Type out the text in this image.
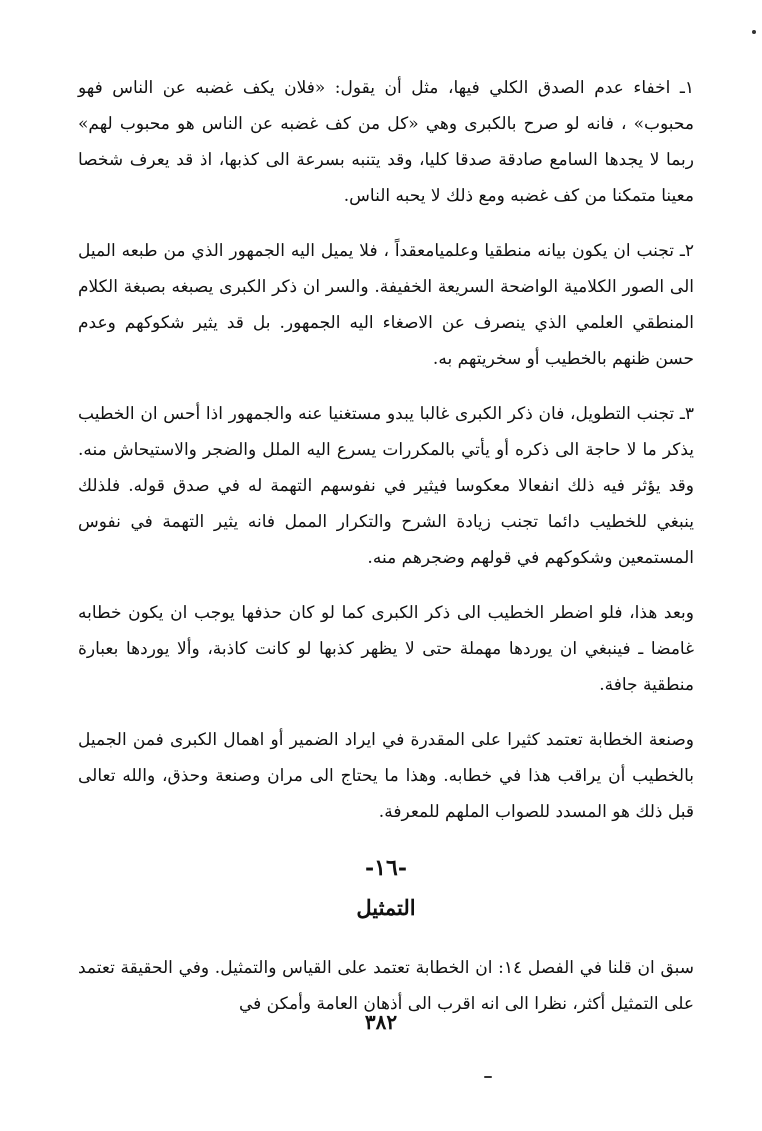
١ـ اخفاء عدم الصدق الكلي فيها، مثل أن يقول: «فلان يكف غضبه عن الناس فهو محبوب» ، فانه لو صرح بالكبرى وهي «كل من كف غضبه عن الناس هو محبوب لهم» ربما لا يجدها السامع صادقة صدقا كليا، وقد يتنبه بسرعة الى كذبها، اذ قد يعرف شخصا معينا متمكنا من كف غضبه ومع ذلك لا يحبه الناس.

٢ـ تجنب ان يكون بيانه منطقيا وعلميامعقداً ، فلا يميل اليه الجمهور الذي من طبعه الميل الى الصور الكلامية الواضحة السريعة الخفيفة. والسر ان ذكر الكبرى يصبغه بصبغة الكلام المنطقي العلمي الذي ينصرف عن الاصغاء اليه الجمهور. بل قد يثير شكوكهم وعدم حسن ظنهم بالخطيب أو سخريتهم به.

٣ـ تجنب التطويل، فان ذكر الكبرى غالبا يبدو مستغنيا عنه والجمهور اذا أحس ان الخطيب يذكر ما لا حاجة الى ذكره أو يأتي بالمكررات يسرع اليه الملل والضجر والاستيحاش منه. وقد يؤثر فيه ذلك انفعالا معكوسا فيثير في نفوسهم التهمة له في صدق قوله. فلذلك ينبغي للخطيب دائما تجنب زيادة الشرح والتكرار الممل فانه يثير التهمة في نفوس المستمعين وشكوكهم في قولهم وضجرهم منه.

وبعد هذا، فلو اضطر الخطيب الى ذكر الكبرى كما لو كان حذفها يوجب ان يكون خطابه غامضا ـ فينبغي ان يوردها مهملة حتى لا يظهر كذبها لو كانت كاذبة، وألا يوردها بعبارة منطقية جافة.

وصنعة الخطابة تعتمد كثيرا على المقدرة في ايراد الضمير أو اهمال الكبرى فمن الجميل بالخطيب أن يراقب هذا في خطابه. وهذا ما يحتاج الى مران وصنعة وحذق، والله تعالى قبل ذلك هو المسدد للصواب الملهم للمعرفة.

-١٦-
التمثيل

سبق ان قلنا في الفصل ١٤: ان الخطابة تعتمد على القياس والتمثيل. وفي الحقيقة تعتمد على التمثيل أكثر، نظرا الى انه اقرب الى أذهان العامة وأمكن في

٣٨٢
